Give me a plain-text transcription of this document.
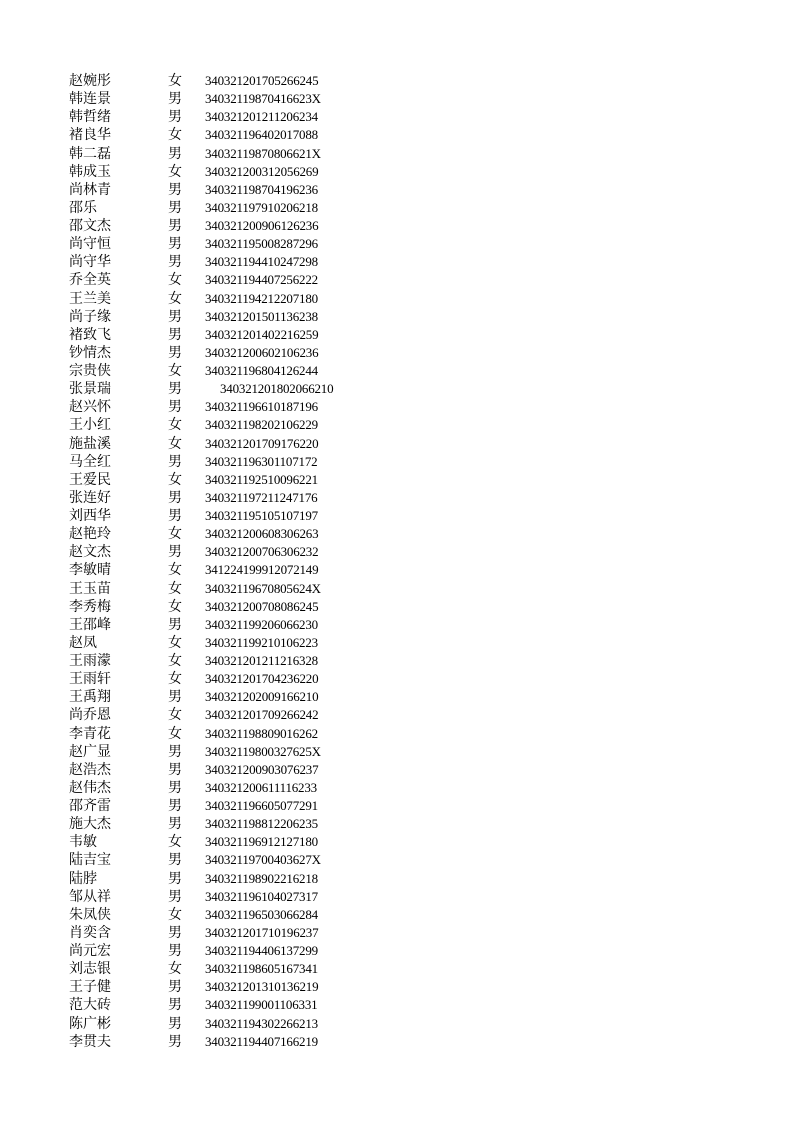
赵婉彤	女 340321201705266245
韩连景	男 34032119870416623X
韩哲绪	男 340321201211206234
褚良华	女 340321196402017088
韩二磊	男 34032119870806621X
韩成玉	女 340321200312056269
尚林青	男 340321198704196236
邵乐	男 340321197910206218
邵文杰	男 340321200906126236
尚守恒	男 340321195008287296
尚守华	男 340321194410247298
乔全英	女 340321194407256222
王兰美	女 340321194212207180
尚子缘	男 340321201501136238
褚致飞	男 340321201402216259
钞情杰	男 340321200602106236
宗贵侠	女 340321196804126244
张景瑞	男	340321201802066210
赵兴怀	男 340321196610187196
王小红	女 340321198202106229
施盐溪	女 340321201709176220
马全红	男 340321196301107172
王爱民	女 340321192510096221
张连好	男 340321197211247176
刘西华	男 340321195105107197
赵艳玲	女 340321200608306263
赵文杰	男 340321200706306232
李敏晴	女 341224199912072149
王玉苗	女 34032119670805624X
李秀梅	女 340321200708086245
王邵峰	男 340321199206066230
赵凤	女 340321199210106223
王雨濛	女 340321201211216328
王雨轩	女 340321201704236220
王禹翔	男 340321202009166210
尚乔恩	女 340321201709266242
李青花	女 340321198809016262
赵广显	男 34032119800327625X
赵浩杰	男 340321200903076237
赵伟杰	男 340321200611116233
邵齐雷	男 340321196605077291
施大杰	男 340321198812206235
韦敏	女 340321196912127180
陆吉宝	男 34032119700403627X
陆脖	男 340321198902216218
邹从祥	男 340321196104027317
朱凤侠	女 340321196503066284
肖奕含	男 340321201710196237
尚元宏	男 340321194406137299
刘志银	女 340321198605167341
王子健	男 340321201310136219
范大砖	男 340321199001106331
陈广彬	男 340321194302266213
李贯夫	男 340321194407166219
